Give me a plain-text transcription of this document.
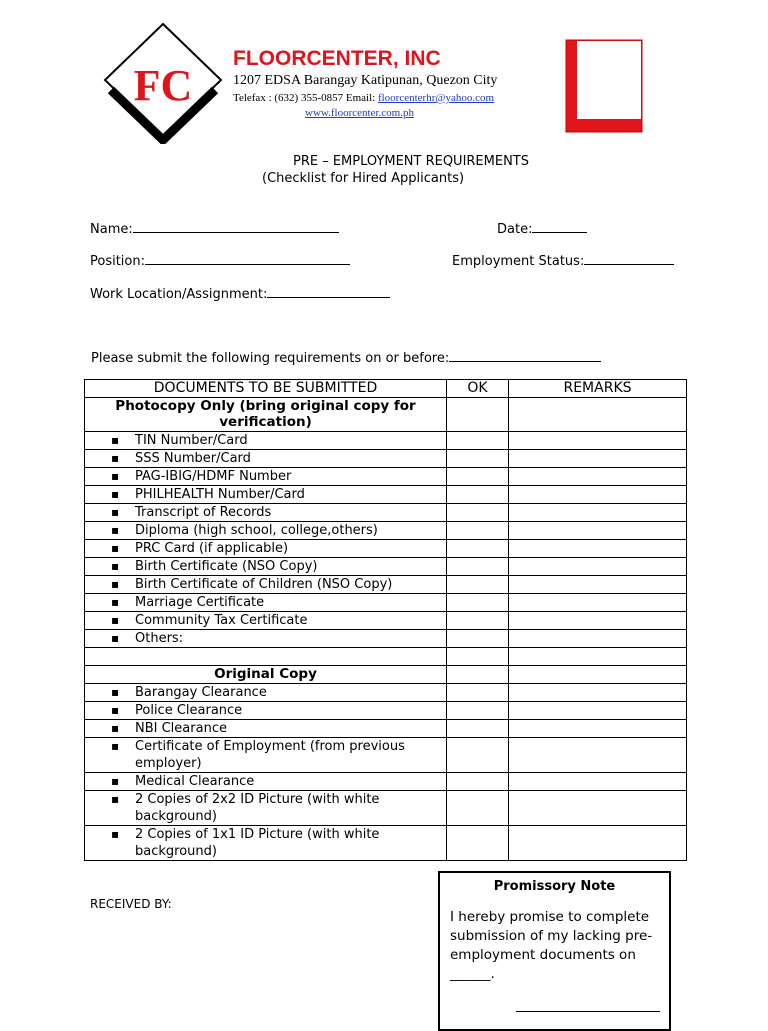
FC
FLOORCENTER, INC
1207 EDSA Barangay Katipunan, Quezon City
Telefax : (632) 355-0857 Email: floorcenterhr@yahoo.com
www.floorcenter.com.ph
PRE – EMPLOYMENT REQUIREMENTS
(Checklist for Hired Applicants)
Name:	Date:
Position:	Employment Status:
Work Location/Assignment:
Please submit the following requirements on or before:
DOCUMENTS TO BE SUBMITTED	OK	REMARKS
Photocopy Only (bring original copy for verification)		
▪ TIN Number/Card		
▪ SSS Number/Card		
▪ PAG-IBIG/HDMF Number		
▪ PHILHEALTH Number/Card		
▪ Transcript of Records		
▪ Diploma (high school, college,others)		
▪ PRC Card (if applicable)		
▪ Birth Certificate (NSO Copy)		
▪ Birth Certificate of Children (NSO Copy)		
▪ Marriage Certificate		
▪ Community Tax Certificate		
▪ Others:		

Original Copy		
▪ Barangay Clearance		
▪ Police Clearance		
▪ NBI Clearance		
▪ Certificate of Employment (from previous employer)		
▪ Medical Clearance		
▪ 2 Copies of 2x2 ID Picture (with white background)		
▪ 2 Copies of 1x1 ID Picture (with white background)		
RECEIVED BY:
Promissory Note
I hereby promise to complete submission of my lacking pre-employment documents on ______.
